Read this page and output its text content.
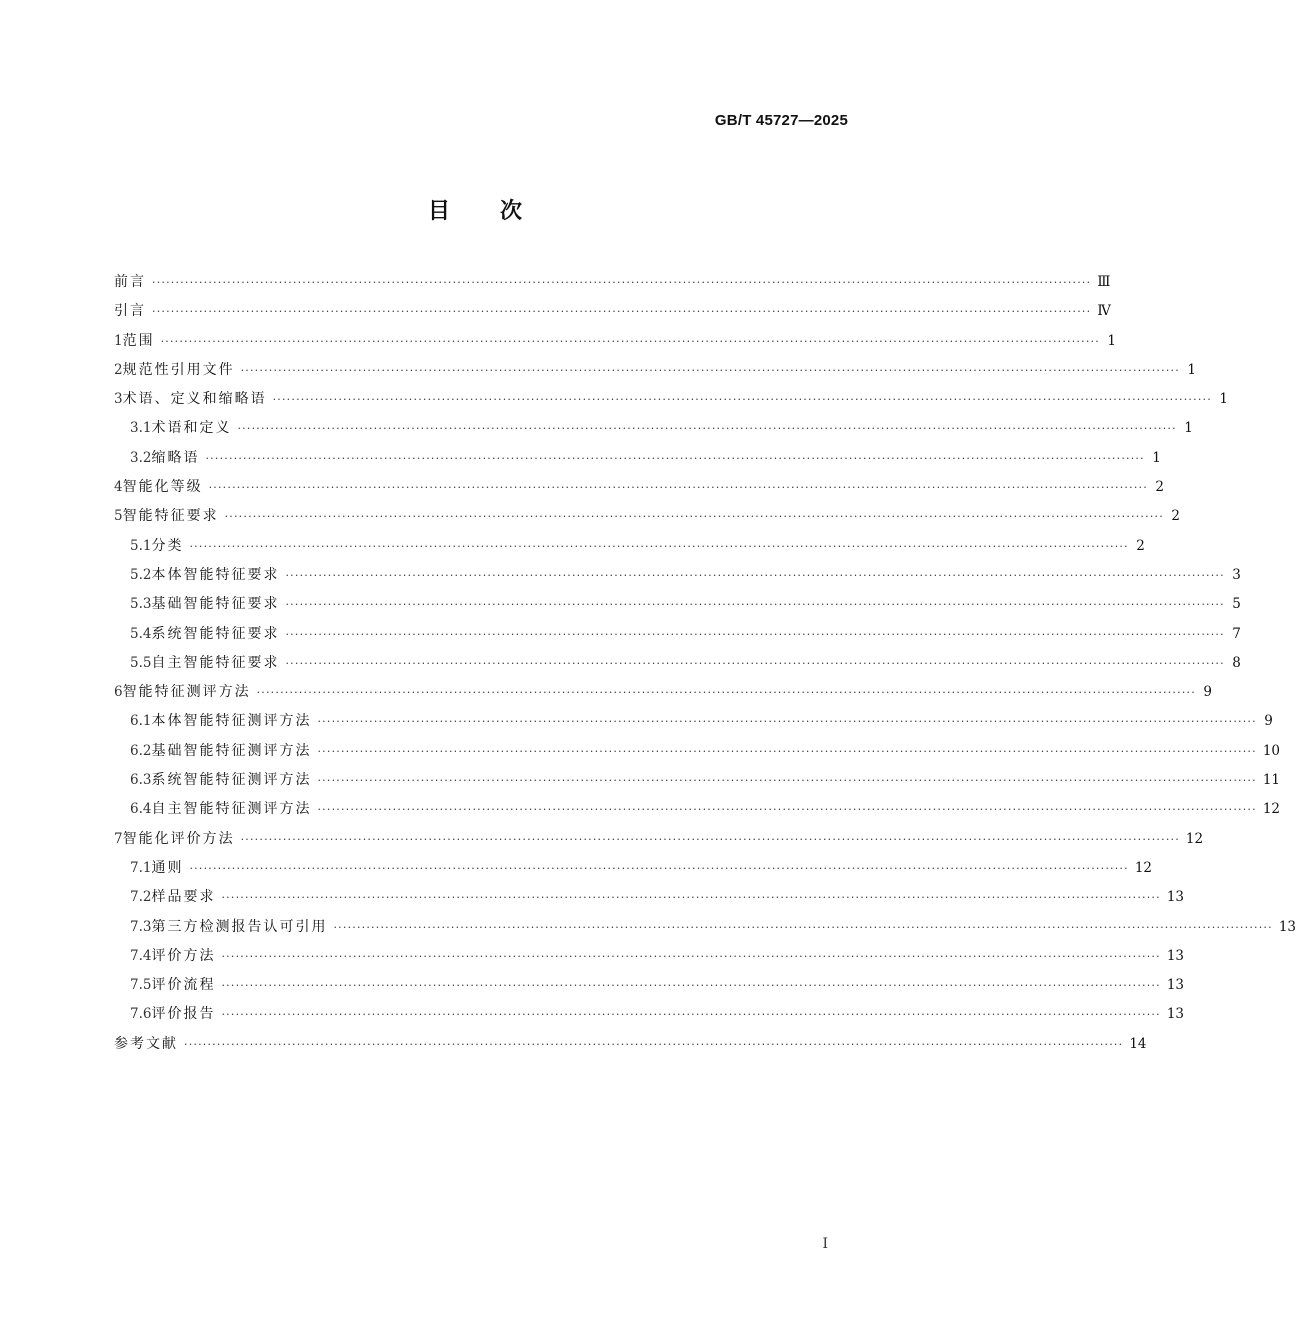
GB/T 45727—2025
目次
前言 ········································································································································································································ Ⅲ
引言 ········································································································································································································ Ⅳ
1 范围 ········································································································································································································ 1
2 规范性引用文件 ········································································································································································································ 1
3 术语、定义和缩略语 ········································································································································································································ 1
3.1 术语和定义 ········································································································································································································ 1
3.2 缩略语 ········································································································································································································ 1
4 智能化等级 ········································································································································································································ 2
5 智能特征要求 ········································································································································································································ 2
5.1 分类 ········································································································································································································ 2
5.2 本体智能特征要求 ········································································································································································································ 3
5.3 基础智能特征要求 ········································································································································································································ 5
5.4 系统智能特征要求 ········································································································································································································ 7
5.5 自主智能特征要求 ········································································································································································································ 8
6 智能特征测评方法 ········································································································································································································ 9
6.1 本体智能特征测评方法 ········································································································································································································ 9
6.2 基础智能特征测评方法 ········································································································································································································ 10
6.3 系统智能特征测评方法 ········································································································································································································ 11
6.4 自主智能特征测评方法 ········································································································································································································ 12
7 智能化评价方法 ········································································································································································································ 12
7.1 通则 ········································································································································································································ 12
7.2 样品要求 ········································································································································································································ 13
7.3 第三方检测报告认可引用 ········································································································································································································ 13
7.4 评价方法 ········································································································································································································ 13
7.5 评价流程 ········································································································································································································ 13
7.6 评价报告 ········································································································································································································ 13
参考文献 ········································································································································································································ 14
I
